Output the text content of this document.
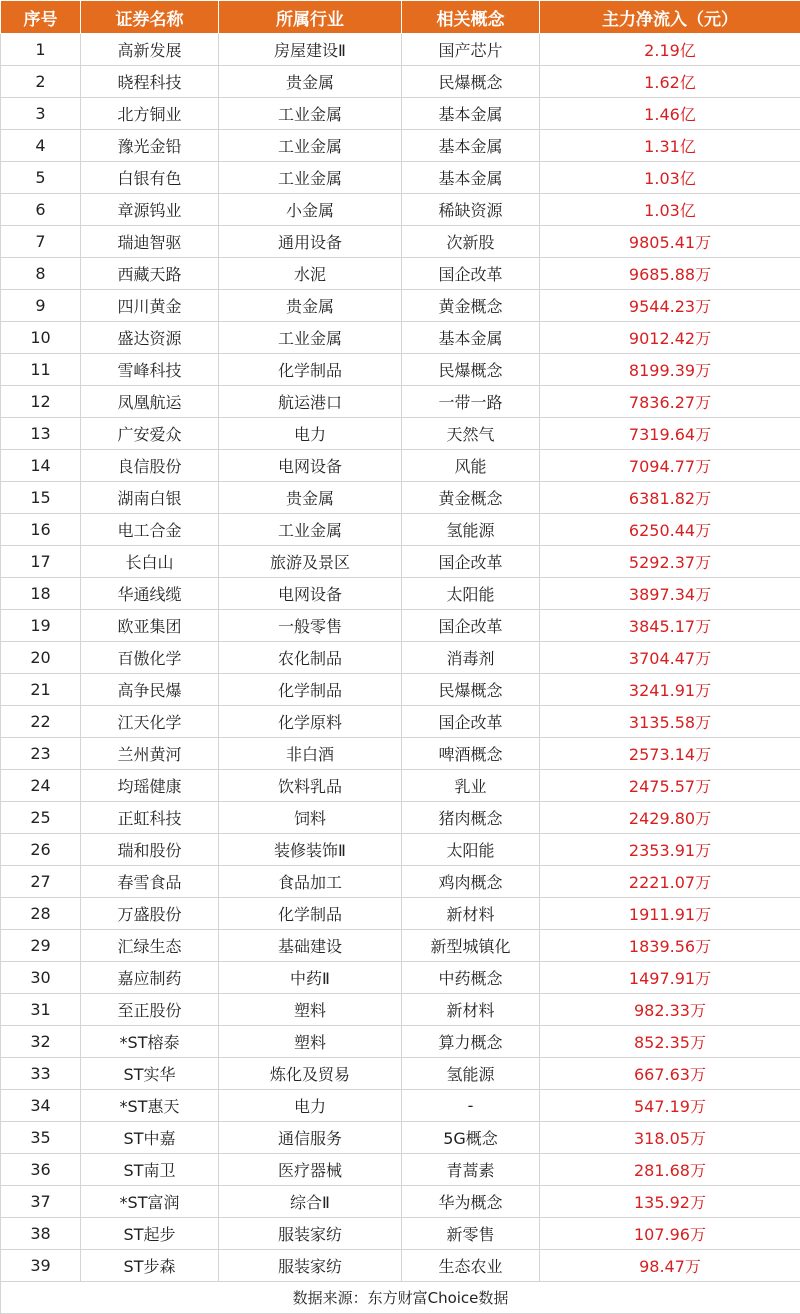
序号	证券名称	所属行业	相关概念	主力净流入（元）
1	高新发展	房屋建设Ⅱ	国产芯片	2.19亿
2	晓程科技	贵金属	民爆概念	1.62亿
3	北方铜业	工业金属	基本金属	1.46亿
4	豫光金铅	工业金属	基本金属	1.31亿
5	白银有色	工业金属	基本金属	1.03亿
6	章源钨业	小金属	稀缺资源	1.03亿
7	瑞迪智驱	通用设备	次新股	9805.41万
8	西藏天路	水泥	国企改革	9685.88万
9	四川黄金	贵金属	黄金概念	9544.23万
10	盛达资源	工业金属	基本金属	9012.42万
11	雪峰科技	化学制品	民爆概念	8199.39万
12	凤凰航运	航运港口	一带一路	7836.27万
13	广安爱众	电力	天然气	7319.64万
14	良信股份	电网设备	风能	7094.77万
15	湖南白银	贵金属	黄金概念	6381.82万
16	电工合金	工业金属	氢能源	6250.44万
17	长白山	旅游及景区	国企改革	5292.37万
18	华通线缆	电网设备	太阳能	3897.34万
19	欧亚集团	一般零售	国企改革	3845.17万
20	百傲化学	农化制品	消毒剂	3704.47万
21	高争民爆	化学制品	民爆概念	3241.91万
22	江天化学	化学原料	国企改革	3135.58万
23	兰州黄河	非白酒	啤酒概念	2573.14万
24	均瑶健康	饮料乳品	乳业	2475.57万
25	正虹科技	饲料	猪肉概念	2429.80万
26	瑞和股份	装修装饰Ⅱ	太阳能	2353.91万
27	春雪食品	食品加工	鸡肉概念	2221.07万
28	万盛股份	化学制品	新材料	1911.91万
29	汇绿生态	基础建设	新型城镇化	1839.56万
30	嘉应制药	中药Ⅱ	中药概念	1497.91万
31	至正股份	塑料	新材料	982.33万
32	*ST榕泰	塑料	算力概念	852.35万
33	ST实华	炼化及贸易	氢能源	667.63万
34	*ST惠天	电力	-	547.19万
35	ST中嘉	通信服务	5G概念	318.05万
36	ST南卫	医疗器械	青蒿素	281.68万
37	*ST富润	综合Ⅱ	华为概念	135.92万
38	ST起步	服装家纺	新零售	107.96万
39	ST步森	服装家纺	生态农业	98.47万
数据来源：东方财富Choice数据				
